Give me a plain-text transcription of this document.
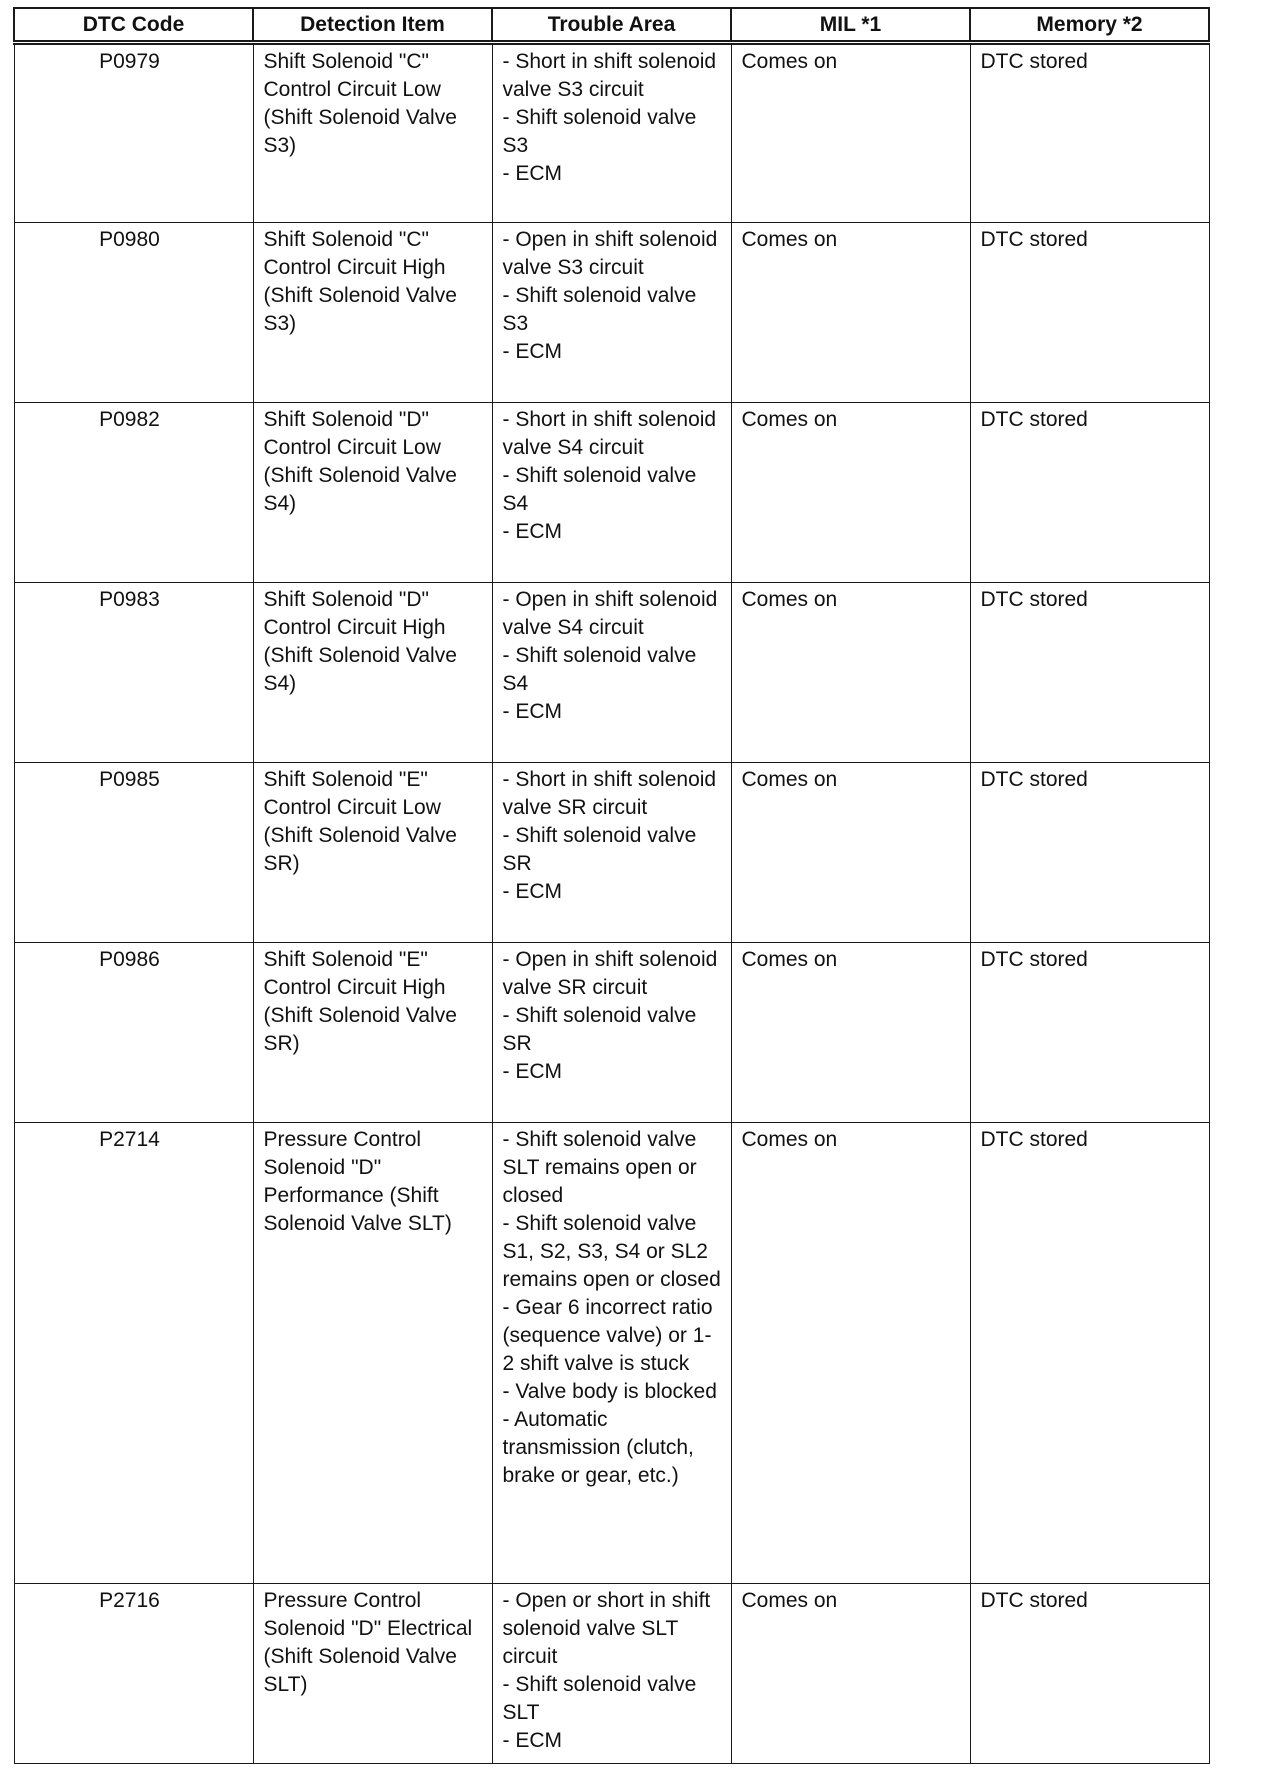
DTC Code	Detection Item	Trouble Area	MIL *1	Memory *2
P0979	Shift Solenoid "C" Control Circuit Low (Shift Solenoid Valve S3)	- Short in shift solenoid valve S3 circuit
- Shift solenoid valve S3
- ECM	Comes on	DTC stored
P0980	Shift Solenoid "C" Control Circuit High (Shift Solenoid Valve S3)	- Open in shift solenoid valve S3 circuit
- Shift solenoid valve S3
- ECM	Comes on	DTC stored
P0982	Shift Solenoid "D" Control Circuit Low (Shift Solenoid Valve S4)	- Short in shift solenoid valve S4 circuit
- Shift solenoid valve S4
- ECM	Comes on	DTC stored
P0983	Shift Solenoid "D" Control Circuit High (Shift Solenoid Valve S4)	- Open in shift solenoid valve S4 circuit
- Shift solenoid valve S4
- ECM	Comes on	DTC stored
P0985	Shift Solenoid "E" Control Circuit Low (Shift Solenoid Valve SR)	- Short in shift solenoid valve SR circuit
- Shift solenoid valve SR
- ECM	Comes on	DTC stored
P0986	Shift Solenoid "E" Control Circuit High (Shift Solenoid Valve SR)	- Open in shift solenoid valve SR circuit
- Shift solenoid valve SR
- ECM	Comes on	DTC stored
P2714	Pressure Control Solenoid "D" Performance (Shift Solenoid Valve SLT)	- Shift solenoid valve SLT remains open or closed
- Shift solenoid valve S1, S2, S3, S4 or SL2 remains open or closed
- Gear 6 incorrect ratio (sequence valve) or 1-2 shift valve is stuck
- Valve body is blocked
- Automatic transmission (clutch, brake or gear, etc.)	Comes on	DTC stored
P2716	Pressure Control Solenoid "D" Electrical (Shift Solenoid Valve SLT)	- Open or short in shift solenoid valve SLT circuit
- Shift solenoid valve SLT
- ECM	Comes on	DTC stored
